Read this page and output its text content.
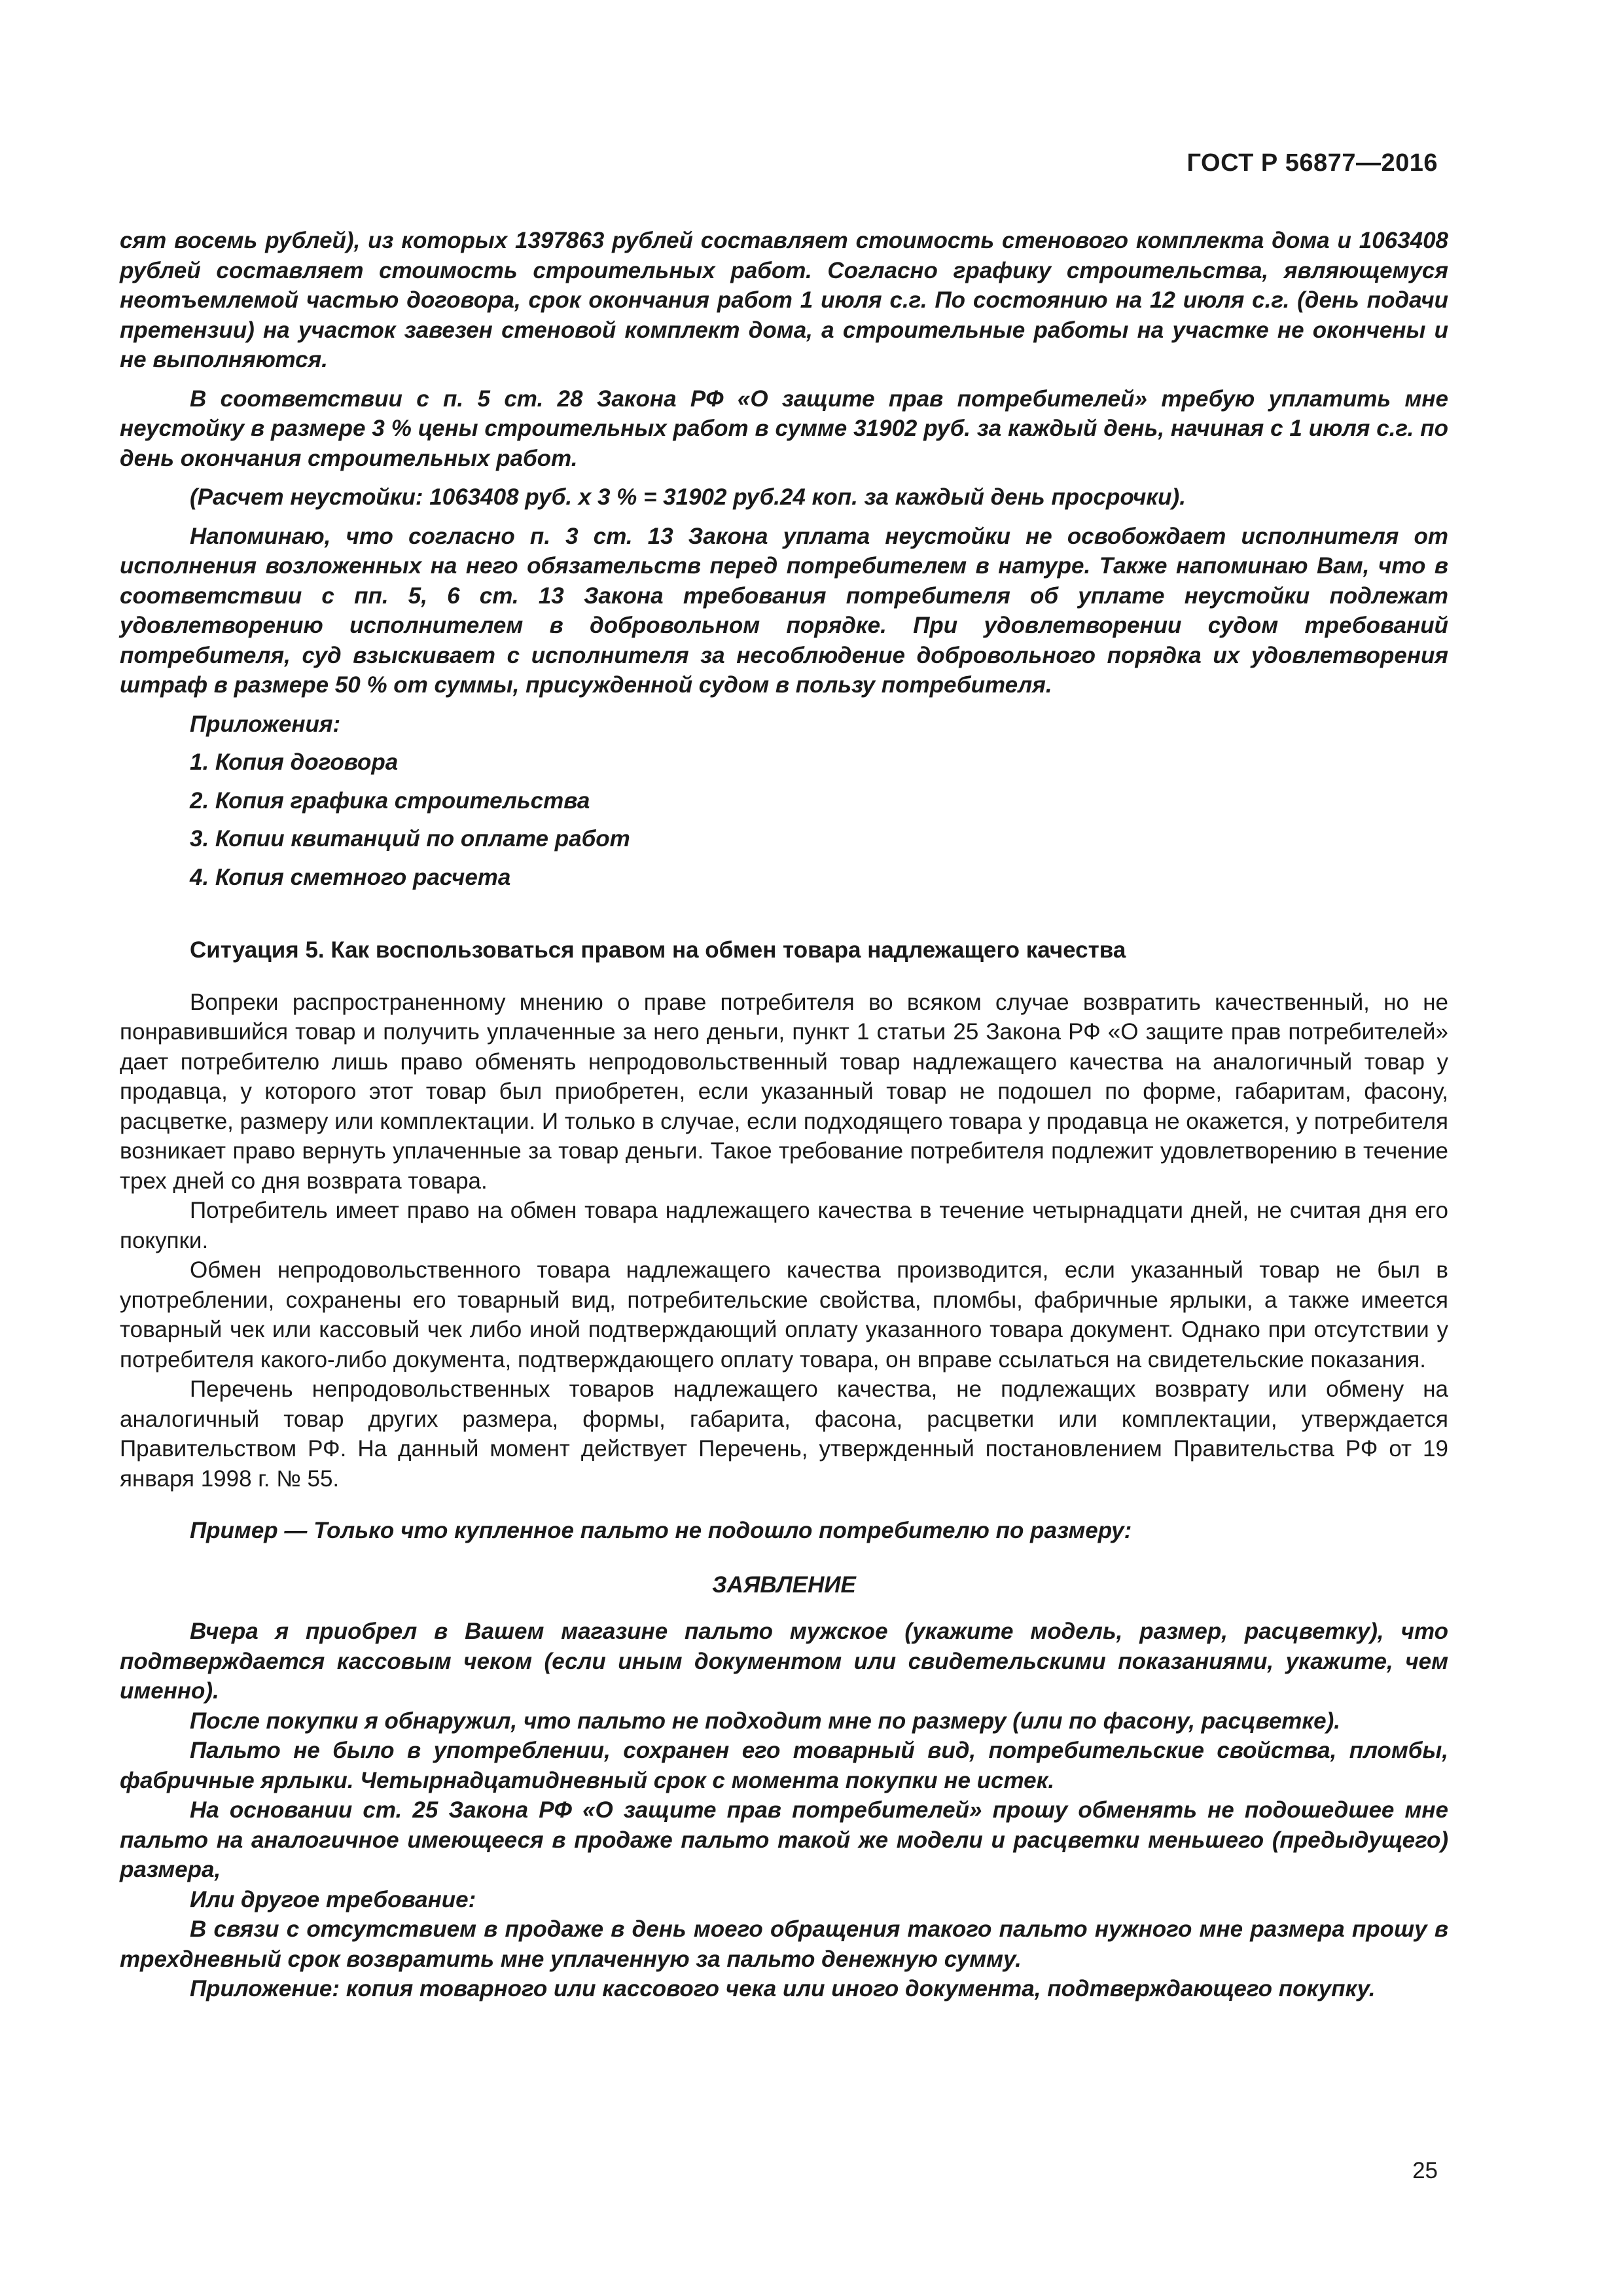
ГОСТ Р 56877—2016

сят восемь рублей), из которых 1397863 рублей составляет стоимость стенового комплекта дома и 1063408 рублей составляет стоимость строительных работ. Согласно графику строительства, являющемуся неотъемлемой частью договора, срок окончания работ 1 июля с.г. По состоянию на 12 июля с.г. (день подачи претензии) на участок завезен стеновой комплект дома, а строительные работы на участке не окончены и не выполняются.

В соответствии с п. 5 ст. 28 Закона РФ «О защите прав потребителей» требую уплатить мне неустойку в размере 3 % цены строительных работ в сумме 31902 руб. за каждый день, начиная с 1 июля с.г. по день окончания строительных работ.

(Расчет неустойки: 1063408 руб. х 3 % = 31902 руб.24 коп. за каждый день просрочки).

Напоминаю, что согласно п. 3 ст. 13 Закона уплата неустойки не освобождает исполнителя от исполнения возложенных на него обязательств перед потребителем в натуре. Также напоминаю Вам, что в соответствии с пп. 5, 6 ст. 13 Закона требования потребителя об уплате неустойки подлежат удовлетворению исполнителем в добровольном порядке. При удовлетворении судом требований потребителя, суд взыскивает с исполнителя за несоблюдение добровольного порядка их удовлетворения штраф в размере 50 % от суммы, присужденной судом в пользу потребителя.

Приложения:

1. Копия договора

2. Копия графика строительства

3. Копии квитанций по оплате работ

4. Копия сметного расчета

Ситуация 5. Как воспользоваться правом на обмен товара надлежащего качества

Вопреки распространенному мнению о праве потребителя во всяком случае возвратить качественный, но не понравившийся товар и получить уплаченные за него деньги, пункт 1 статьи 25 Закона РФ «О защите прав потребителей» дает потребителю лишь право обменять непродовольственный товар надлежащего качества на аналогичный товар у продавца, у которого этот товар был приобретен, если указанный товар не подошел по форме, габаритам, фасону, расцветке, размеру или комплектации. И только в случае, если подходящего товара у продавца не окажется, у потребителя возникает право вернуть уплаченные за товар деньги. Такое требование потребителя подлежит удовлетворению в течение трех дней со дня возврата товара.

Потребитель имеет право на обмен товара надлежащего качества в течение четырнадцати дней, не считая дня его покупки.

Обмен непродовольственного товара надлежащего качества производится, если указанный товар не был в употреблении, сохранены его товарный вид, потребительские свойства, пломбы, фабричные ярлыки, а также имеется товарный чек или кассовый чек либо иной подтверждающий оплату указанного товара документ. Однако при отсутствии у потребителя какого-либо документа, подтверждающего оплату товара, он вправе ссылаться на свидетельские показания.

Перечень непродовольственных товаров надлежащего качества, не подлежащих возврату или обмену на аналогичный товар других размера, формы, габарита, фасона, расцветки или комплектации, утверждается Правительством РФ. На данный момент действует Перечень, утвержденный постановлением Правительства РФ от 19 января 1998 г. № 55.

Пример — Только что купленное пальто не подошло потребителю по размеру:

ЗАЯВЛЕНИЕ

Вчера я приобрел в Вашем магазине пальто мужское (укажите модель, размер, расцветку), что подтверждается кассовым чеком (если иным документом или свидетельскими показаниями, укажите, чем именно).

После покупки я обнаружил, что пальто не подходит мне по размеру (или по фасону, расцветке).

Пальто не было в употреблении, сохранен его товарный вид, потребительские свойства, пломбы, фабричные ярлыки. Четырнадцатидневный срок с момента покупки не истек.

На основании ст. 25 Закона РФ «О защите прав потребителей» прошу обменять не подошедшее мне пальто на аналогичное имеющееся в продаже пальто такой же модели и расцветки меньшего (предыдущего) размера,

Или другое требование:

В связи с отсутствием в продаже в день моего обращения такого пальто нужного мне размера прошу в трехдневный срок возвратить мне уплаченную за пальто денежную сумму.

Приложение: копия товарного или кассового чека или иного документа, подтверждающего покупку.

25
